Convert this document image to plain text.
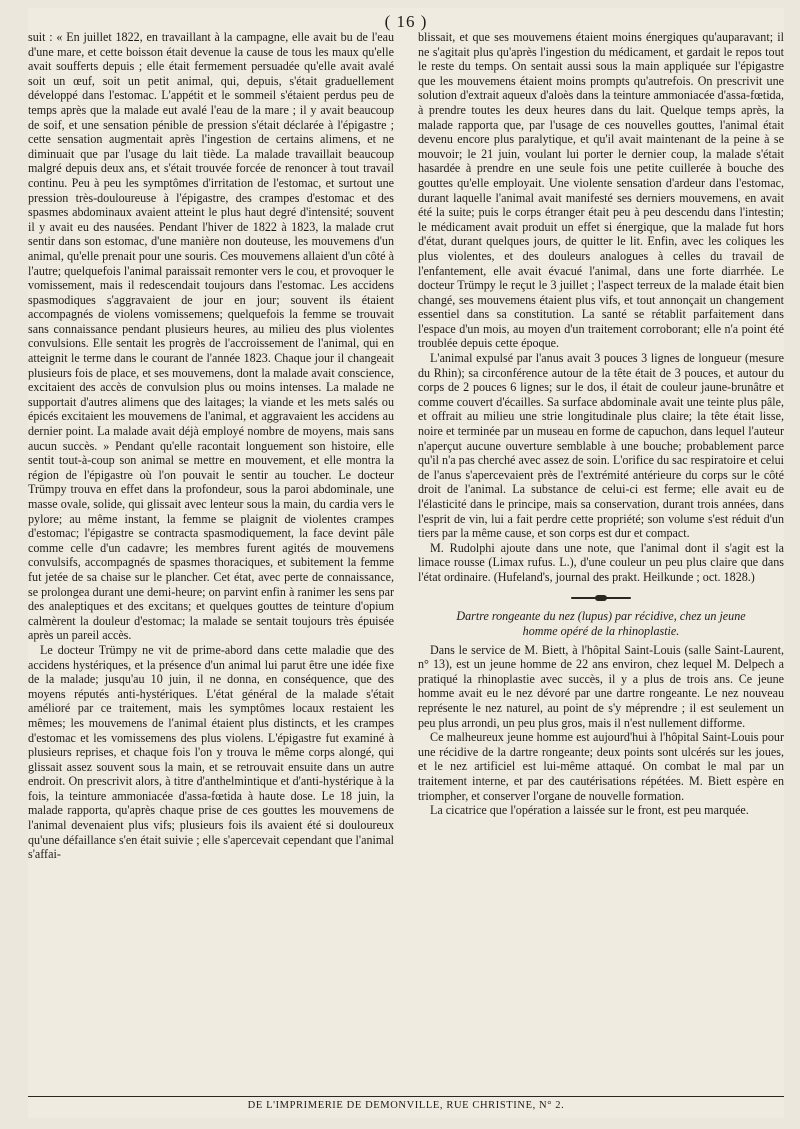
( 16 )

suit : « En juillet 1822, en travaillant à la campagne, elle avait bu de l'eau d'une mare, et cette boisson était devenue la cause de tous les maux qu'elle avait soufferts depuis ; elle était fermement persuadée qu'elle avait avalé soit un œuf, soit un petit animal, qui, depuis, s'était graduellement développé dans l'estomac. L'appétit et le sommeil s'étaient perdus peu de temps après que la malade eut avalé l'eau de la mare ; il y avait beaucoup de soif, et une sensation pénible de pression s'était déclarée à l'épigastre ; cette sensation augmentait après l'ingestion de certains alimens, et ne diminuait que par l'usage du lait tiède. La malade travaillait beaucoup malgré depuis deux ans, et s'était trouvée forcée de renoncer à tout travail continu. Peu à peu les symptômes d'irritation de l'estomac, et surtout une pression très-douloureuse à l'épigastre, des crampes d'estomac et des spasmes abdominaux avaient atteint le plus haut degré d'intensité; souvent il y avait eu des nausées. Pendant l'hiver de 1822 à 1823, la malade crut sentir dans son estomac, d'une manière non douteuse, les mouvemens d'un animal, qu'elle prenait pour une souris. Ces mouvemens allaient d'un côté à l'autre; quelquefois l'animal paraissait remonter vers le cou, et provoquer le vomissement, mais il redescendait toujours dans l'estomac. Les accidens spasmodiques s'aggravaient de jour en jour; souvent ils étaient accompagnés de violens vomissemens; quelquefois la femme se trouvait sans connaissance pendant plusieurs heures, au milieu des plus violentes convulsions. Elle sentait les progrès de l'accroissement de l'animal, qui en atteignit le terme dans le courant de l'année 1823. Chaque jour il changeait plusieurs fois de place, et ses mouvemens, dont la malade avait conscience, excitaient des accès de convulsion plus ou moins intenses. La malade ne supportait d'autres alimens que des laitages; la viande et les mets salés ou épicés excitaient les mouvemens de l'animal, et aggravaient les accidens au dernier point. La malade avait déjà employé nombre de moyens, mais sans aucun succès. » Pendant qu'elle racontait longuement son histoire, elle sentit tout-à-coup son animal se mettre en mouvement, et elle montra la région de l'épigastre où l'on pouvait le sentir au toucher. Le docteur Trümpy trouva en effet dans la profondeur, sous la paroi abdominale, une masse ovale, solide, qui glissait avec lenteur sous la main, du cardia vers le pylore; au même instant, la femme se plaignit de violentes crampes d'estomac; l'épigastre se contracta spasmodiquement, la face devint pâle comme celle d'un cadavre; les membres furent agités de mouvemens convulsifs, accompagnés de spasmes thoraciques, et subitement la femme fut jetée de sa chaise sur le plancher. Cet état, avec perte de connaissance, se prolongea durant une demi-heure; on parvint enfin à ranimer les sens par des analeptiques et des excitans; et quelques gouttes de teinture d'opium calmèrent la douleur d'estomac; la malade se sentait toujours très épuisée après un pareil accès.

Le docteur Trümpy ne vit de prime-abord dans cette maladie que des accidens hystériques, et la présence d'un animal lui parut être une idée fixe de la malade; jusqu'au 10 juin, il ne donna, en conséquence, que des moyens réputés anti-hystériques. L'état général de la malade s'était amélioré par ce traitement, mais les symptômes locaux restaient les mêmes; les mouvemens de l'animal étaient plus distincts, et les crampes d'estomac et les vomissemens des plus violens. L'épigastre fut examiné à plusieurs reprises, et chaque fois l'on y trouva le même corps alongé, qui glissait assez souvent sous la main, et se retrouvait ensuite dans un autre endroit. On prescrivit alors, à titre d'anthelmintique et d'anti-hystérique à la fois, la teinture ammoniacée d'assa-fœtida à haute dose. Le 18 juin, la malade rapporta, qu'après chaque prise de ces gouttes les mouvemens de l'animal devenaient plus vifs; plusieurs fois ils avaient été si douloureux qu'une défaillance s'en était suivie ; elle s'apercevait cependant que l'animal s'affai-

blissait, et que ses mouvemens étaient moins énergiques qu'auparavant; il ne s'agitait plus qu'après l'ingestion du médicament, et gardait le repos tout le reste du temps. On sentait aussi sous la main appliquée sur l'épigastre que les mouvemens étaient moins prompts qu'autrefois. On prescrivit une solution d'extrait aqueux d'aloès dans la teinture ammoniacée d'assa-fœtida, à prendre toutes les deux heures dans du lait. Quelque temps après, la malade rapporta que, par l'usage de ces nouvelles gouttes, l'animal était devenu encore plus paralytique, et qu'il avait maintenant de la peine à se mouvoir; le 21 juin, voulant lui porter le dernier coup, la malade s'était hasardée à prendre en une seule fois une petite cuillerée à bouche des gouttes qu'elle employait. Une violente sensation d'ardeur dans l'estomac, durant laquelle l'animal avait manifesté ses derniers mouvemens, en avait été la suite; puis le corps étranger était peu à peu descendu dans l'intestin; le médicament avait produit un effet si énergique, que la malade fut hors d'état, durant quelques jours, de quitter le lit. Enfin, avec les coliques les plus violentes, et des douleurs analogues à celles du travail de l'enfantement, elle avait évacué l'animal, dans une forte diarrhée. Le docteur Trümpy le reçut le 3 juillet ; l'aspect terreux de la malade était bien changé, ses mouvemens étaient plus vifs, et tout annonçait un changement essentiel dans sa constitution. La santé se rétablit parfaitement dans l'espace d'un mois, au moyen d'un traitement corroborant; elle n'a point été troublée depuis cette époque.

L'animal expulsé par l'anus avait 3 pouces 3 lignes de longueur (mesure du Rhin); sa circonférence autour de la tête était de 3 pouces, et autour du corps de 2 pouces 6 lignes; sur le dos, il était de couleur jaune-brunâtre et comme couvert d'écailles. Sa surface abdominale avait une teinte plus pâle, et offrait au milieu une strie longitudinale plus claire; la tête était lisse, noire et terminée par un museau en forme de capuchon, dans lequel l'auteur n'aperçut aucune ouverture semblable à une bouche; probablement parce qu'il n'a pas cherché avec assez de soin. L'orifice du sac respiratoire et celui de l'anus s'apercevaient près de l'extrémité antérieure du corps sur le côté droit de l'animal. La substance de celui-ci est ferme; elle avait eu de l'élasticité dans le principe, mais sa conservation, durant trois années, dans l'esprit de vin, lui a fait perdre cette propriété; son volume s'est réduit d'un tiers par la même cause, et son corps est dur et compact.

M. Rudolphi ajoute dans une note, que l'animal dont il s'agit est la limace rousse (Limax rufus. L.), d'une couleur un peu plus claire que dans l'état ordinaire. (Hufeland's, journal des prakt. Heilkunde ; oct. 1828.)

Dartre rongeante du nez (lupus) par récidive, chez un jeune
homme opéré de la rhinoplastie.

Dans le service de M. Biett, à l'hôpital Saint-Louis (salle Saint-Laurent, n° 13), est un jeune homme de 22 ans environ, chez lequel M. Delpech a pratiqué la rhinoplastie avec succès, il y a plus de trois ans. Ce jeune homme avait eu le nez dévoré par une dartre rongeante. Le nez nouveau représente le nez naturel, au point de s'y méprendre ; il est seulement un peu plus arrondi, un peu plus gros, mais il n'est nullement difforme.

Ce malheureux jeune homme est aujourd'hui à l'hôpital Saint-Louis pour une récidive de la dartre rongeante; deux points sont ulcérés sur les joues, et le nez artificiel est lui-même attaqué. On combat le mal par un traitement interne, et par des cautérisations répétées. M. Biett espère en triompher, et conserver l'organe de nouvelle formation.

La cicatrice que l'opération a laissée sur le front, est peu marquée.

DE L'IMPRIMERIE DE DEMONVILLE, RUE CHRISTINE, N° 2.
